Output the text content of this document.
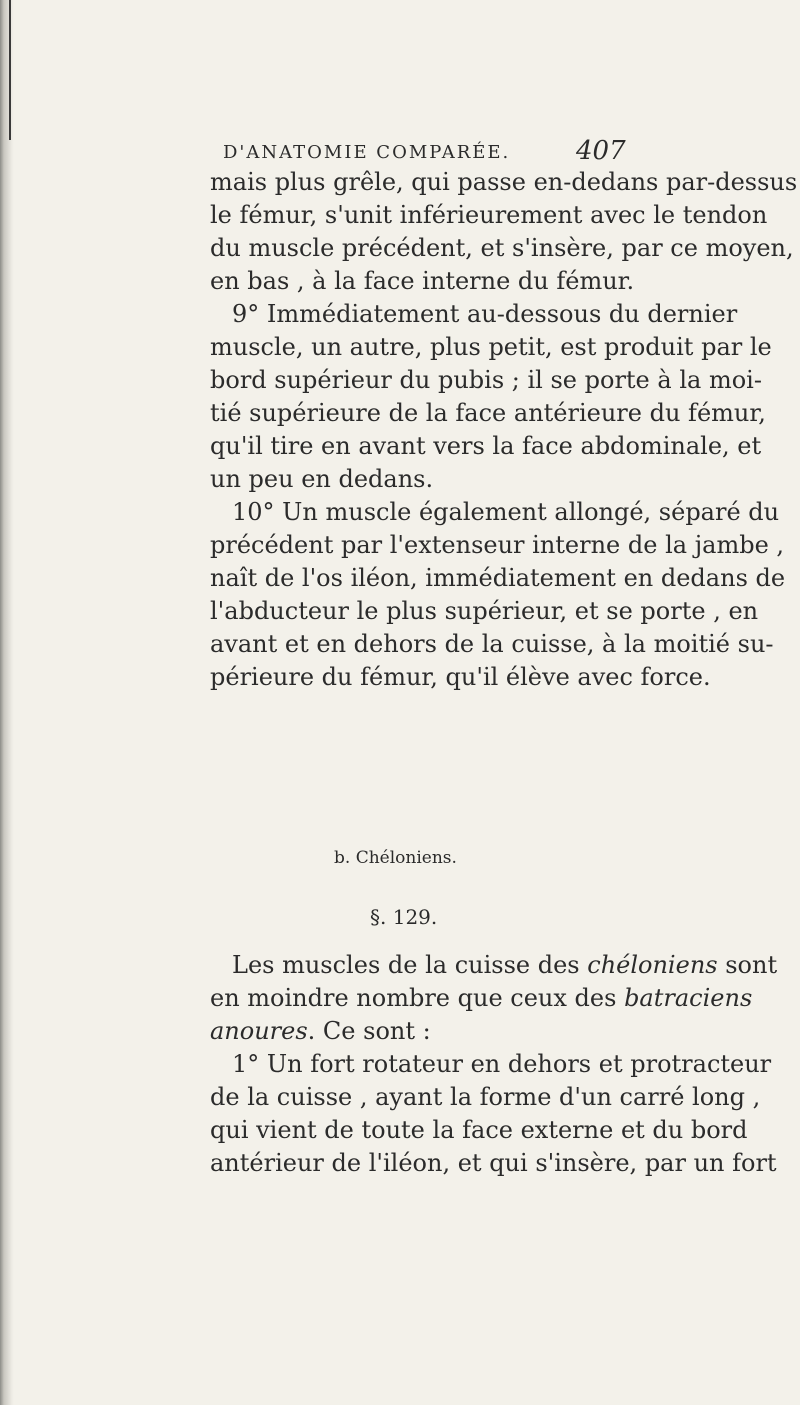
D'ANATOMIE COMPARÉE.	407
mais plus grêle, qui passe en-dedans par-dessus
le fémur, s'unit inférieurement avec le tendon
du muscle précédent, et s'insère, par ce moyen,
en bas , à la face interne du fémur.
9° Immédiatement au-dessous du dernier
muscle, un autre, plus petit, est produit par le
bord supérieur du pubis ; il se porte à la moi-
tié supérieure de la face antérieure du fémur,
qu'il tire en avant vers la face abdominale, et
un peu en dedans.
10° Un muscle également allongé, séparé du
précédent par l'extenseur interne de la jambe ,
naît de l'os iléon, immédiatement en dedans de
l'abducteur le plus supérieur, et se porte , en
avant et en dehors de la cuisse, à la moitié su-
périeure du fémur, qu'il élève avec force.
b. Chéloniens.
§. 129.
Les muscles de la cuisse des chéloniens sont
en moindre nombre que ceux des batraciens
anoures. Ce sont :
1° Un fort rotateur en dehors et protracteur
de la cuisse , ayant la forme d'un carré long ,
qui vient de toute la face externe et du bord
antérieur de l'iléon, et qui s'insère, par un fort
